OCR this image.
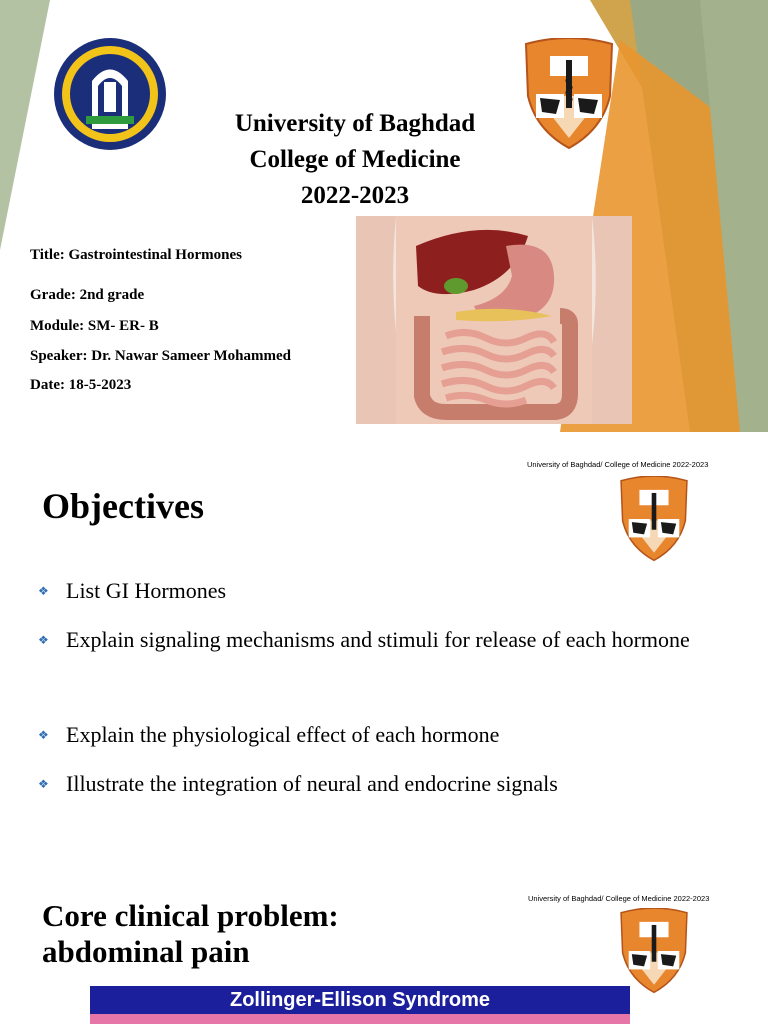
University of Baghdad
College of Medicine
2022-2023
Title: Gastrointestinal Hormones
Grade: 2nd grade
Module: SM- ER- B
Speaker: Dr. Nawar Sameer Mohammed
Date: 18-5-2023
University of Baghdad/ College of Medicine 2022-2023
Objectives
❖ List GI Hormones
❖ Explain signaling mechanisms and stimuli for release of each hormone
❖ Explain the physiological effect of each hormone
❖ Illustrate the integration of neural and endocrine signals
University of Baghdad/ College of Medicine 2022-2023
Core clinical problem:
abdominal pain
Zollinger-Ellison Syndrome
